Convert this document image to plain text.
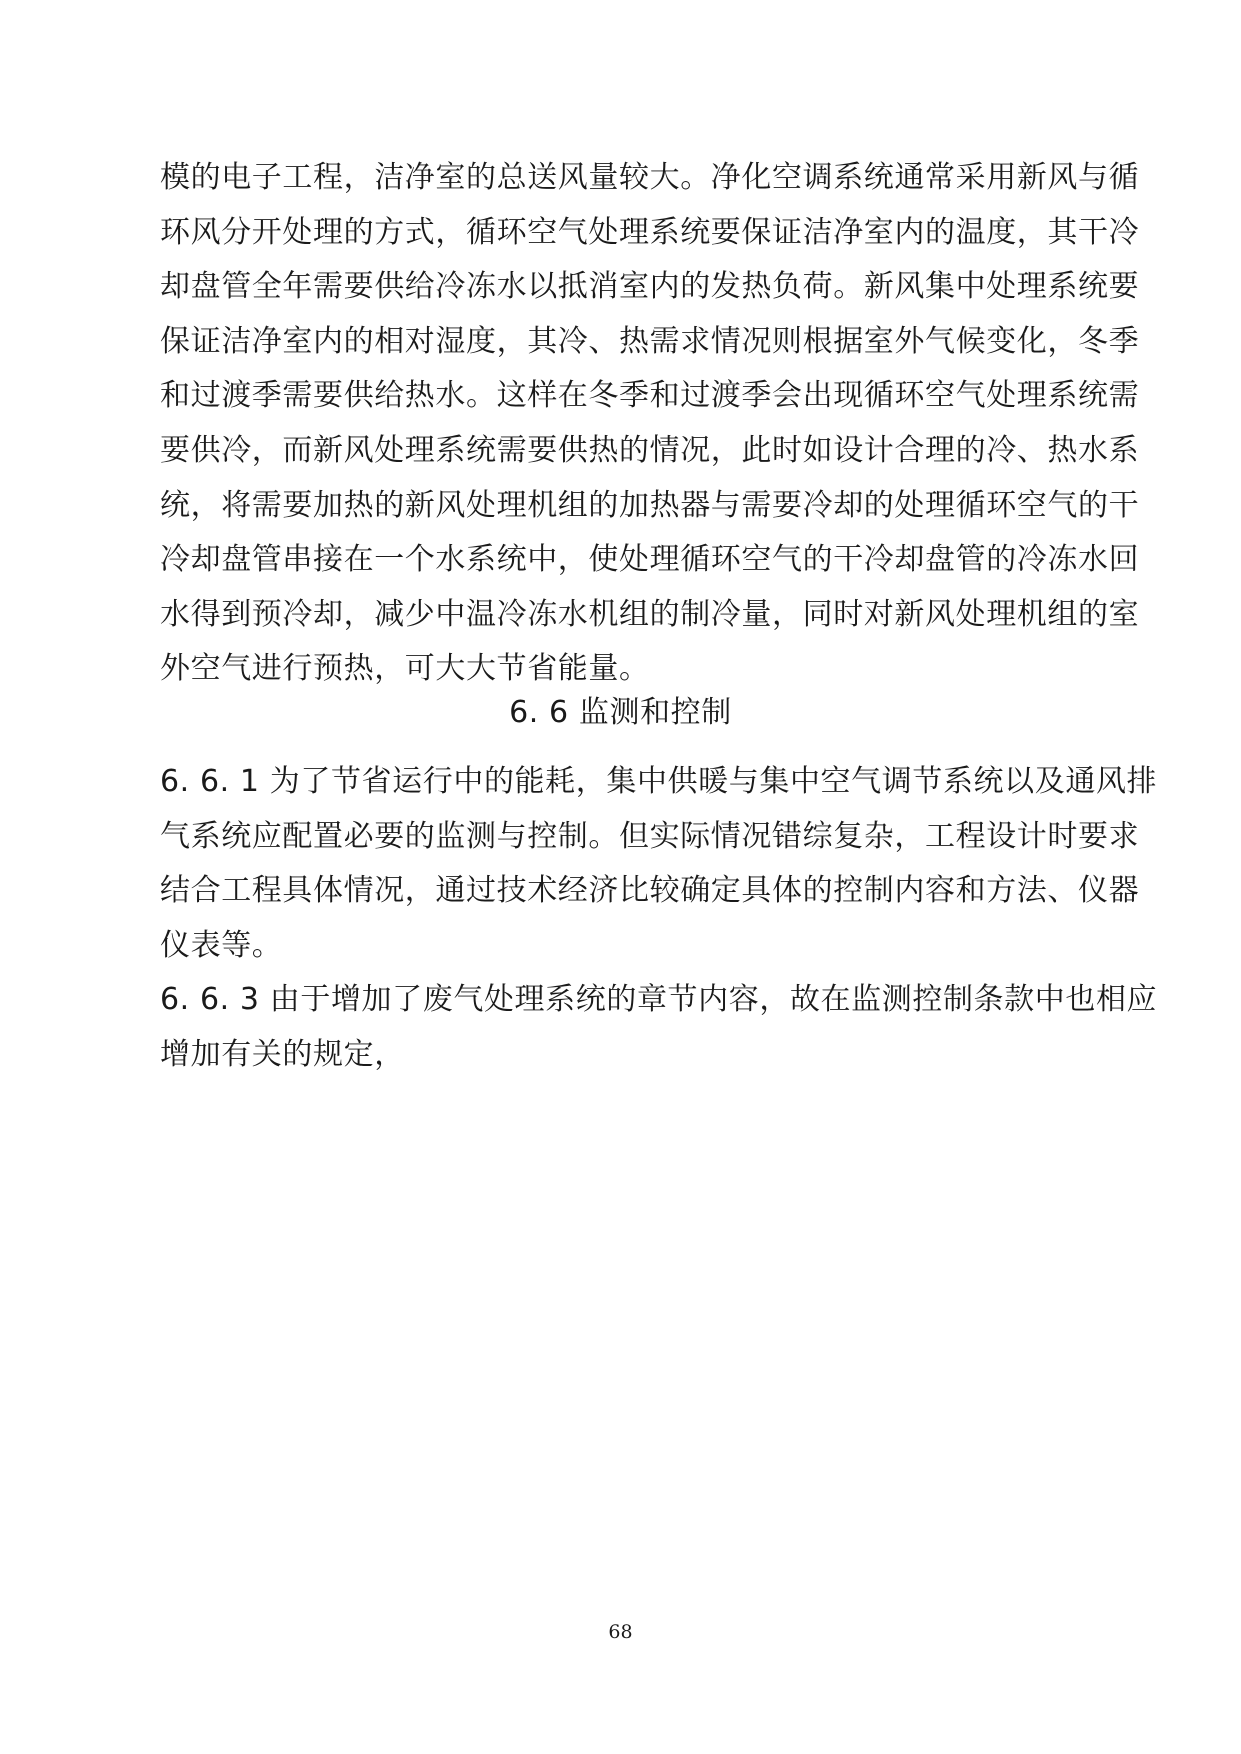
模的电子工程，洁净室的总送风量较大。净化空调系统通常采用新风与循
环风分开处理的方式，循环空气处理系统要保证洁净室内的温度，其干冷
却盘管全年需要供给冷冻水以抵消室内的发热负荷。新风集中处理系统要
保证洁净室内的相对湿度，其冷、热需求情况则根据室外气候变化，冬季
和过渡季需要供给热水。这样在冬季和过渡季会出现循环空气处理系统需
要供冷，而新风处理系统需要供热的情况，此时如设计合理的冷、热水系
统，将需要加热的新风处理机组的加热器与需要冷却的处理循环空气的干
冷却盘管串接在一个水系统中，使处理循环空气的干冷却盘管的冷冻水回
水得到预冷却，减少中温冷冻水机组的制冷量，同时对新风处理机组的室
外空气进行预热，可大大节省能量。
6. 6 监测和控制
6. 6. 1 为了节省运行中的能耗，集中供暖与集中空气调节系统以及通风排
气系统应配置必要的监测与控制。但实际情况错综复杂，工程设计时要求
结合工程具体情况，通过技术经济比较确定具体的控制内容和方法、仪器
仪表等。
6. 6. 3 由于增加了废气处理系统的章节内容，故在监测控制条款中也相应
增加有关的规定，
68
